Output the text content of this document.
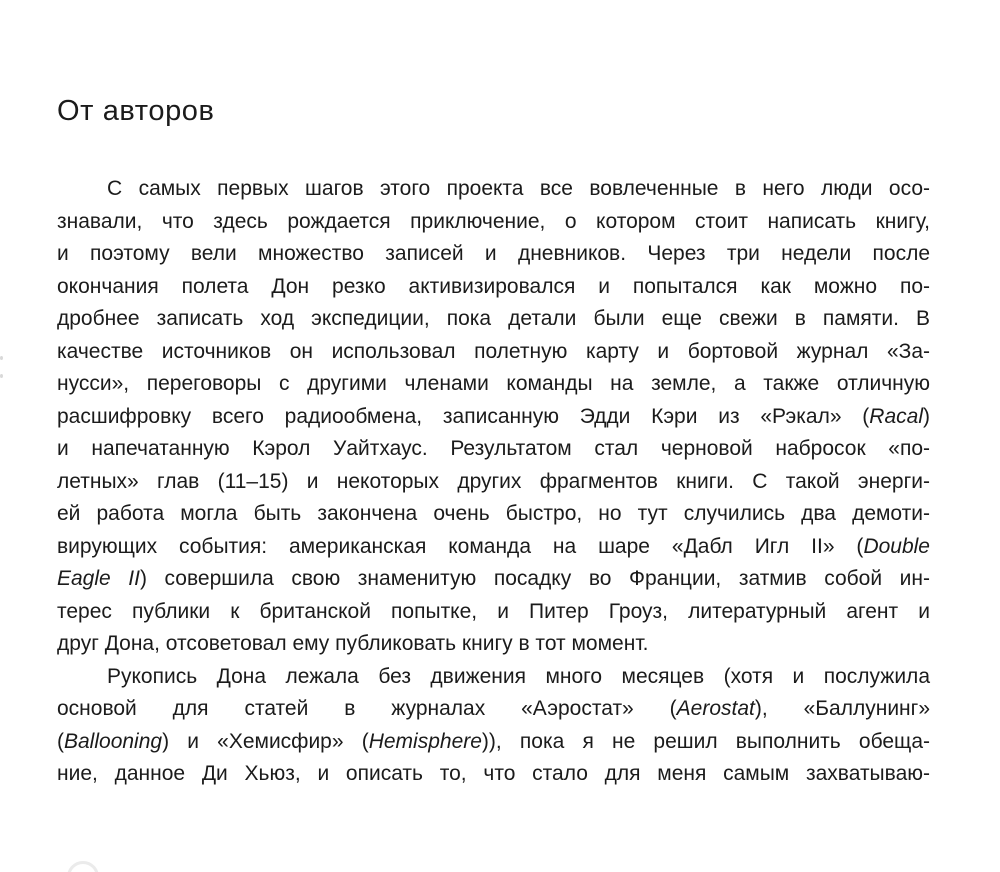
От авторов
С самых первых шагов этого проекта все вовлеченные в него люди осо-
знавали, что здесь рождается приключение, о котором стоит написать книгу,
и поэтому вели множество записей и дневников. Через три недели после
окончания полета Дон резко активизировался и попытался как можно по-
дробнее записать ход экспедиции, пока детали были еще свежи в памяти. В
качестве источников он использовал полетную карту и бортовой журнал «За-
нусси», переговоры с другими членами команды на земле, а также отличную
расшифровку всего радиообмена, записанную Эдди Кэри из «Рэкал» (Racal)
и напечатанную Кэрол Уайтхаус. Результатом стал черновой набросок «по-
летных» глав (11–15) и некоторых других фрагментов книги. С такой энерги-
ей работа могла быть закончена очень быстро, но тут случились два демоти-
вирующих события: американская команда на шаре «Дабл Игл II» (Double
Eagle II) совершила свою знаменитую посадку во Франции, затмив собой ин-
терес публики к британской попытке, и Питер Гроуз, литературный агент и
друг Дона, отсоветовал ему публиковать книгу в тот момент.
Рукопись Дона лежала без движения много месяцев (хотя и послужила
основой для статей в журналах «Аэростат» (Aerostat), «Баллунинг»
(Ballooning) и «Хемисфир» (Hemisphere)), пока я не решил выполнить обеща-
ние, данное Ди Хьюз, и описать то, что стало для меня самым захватываю-
